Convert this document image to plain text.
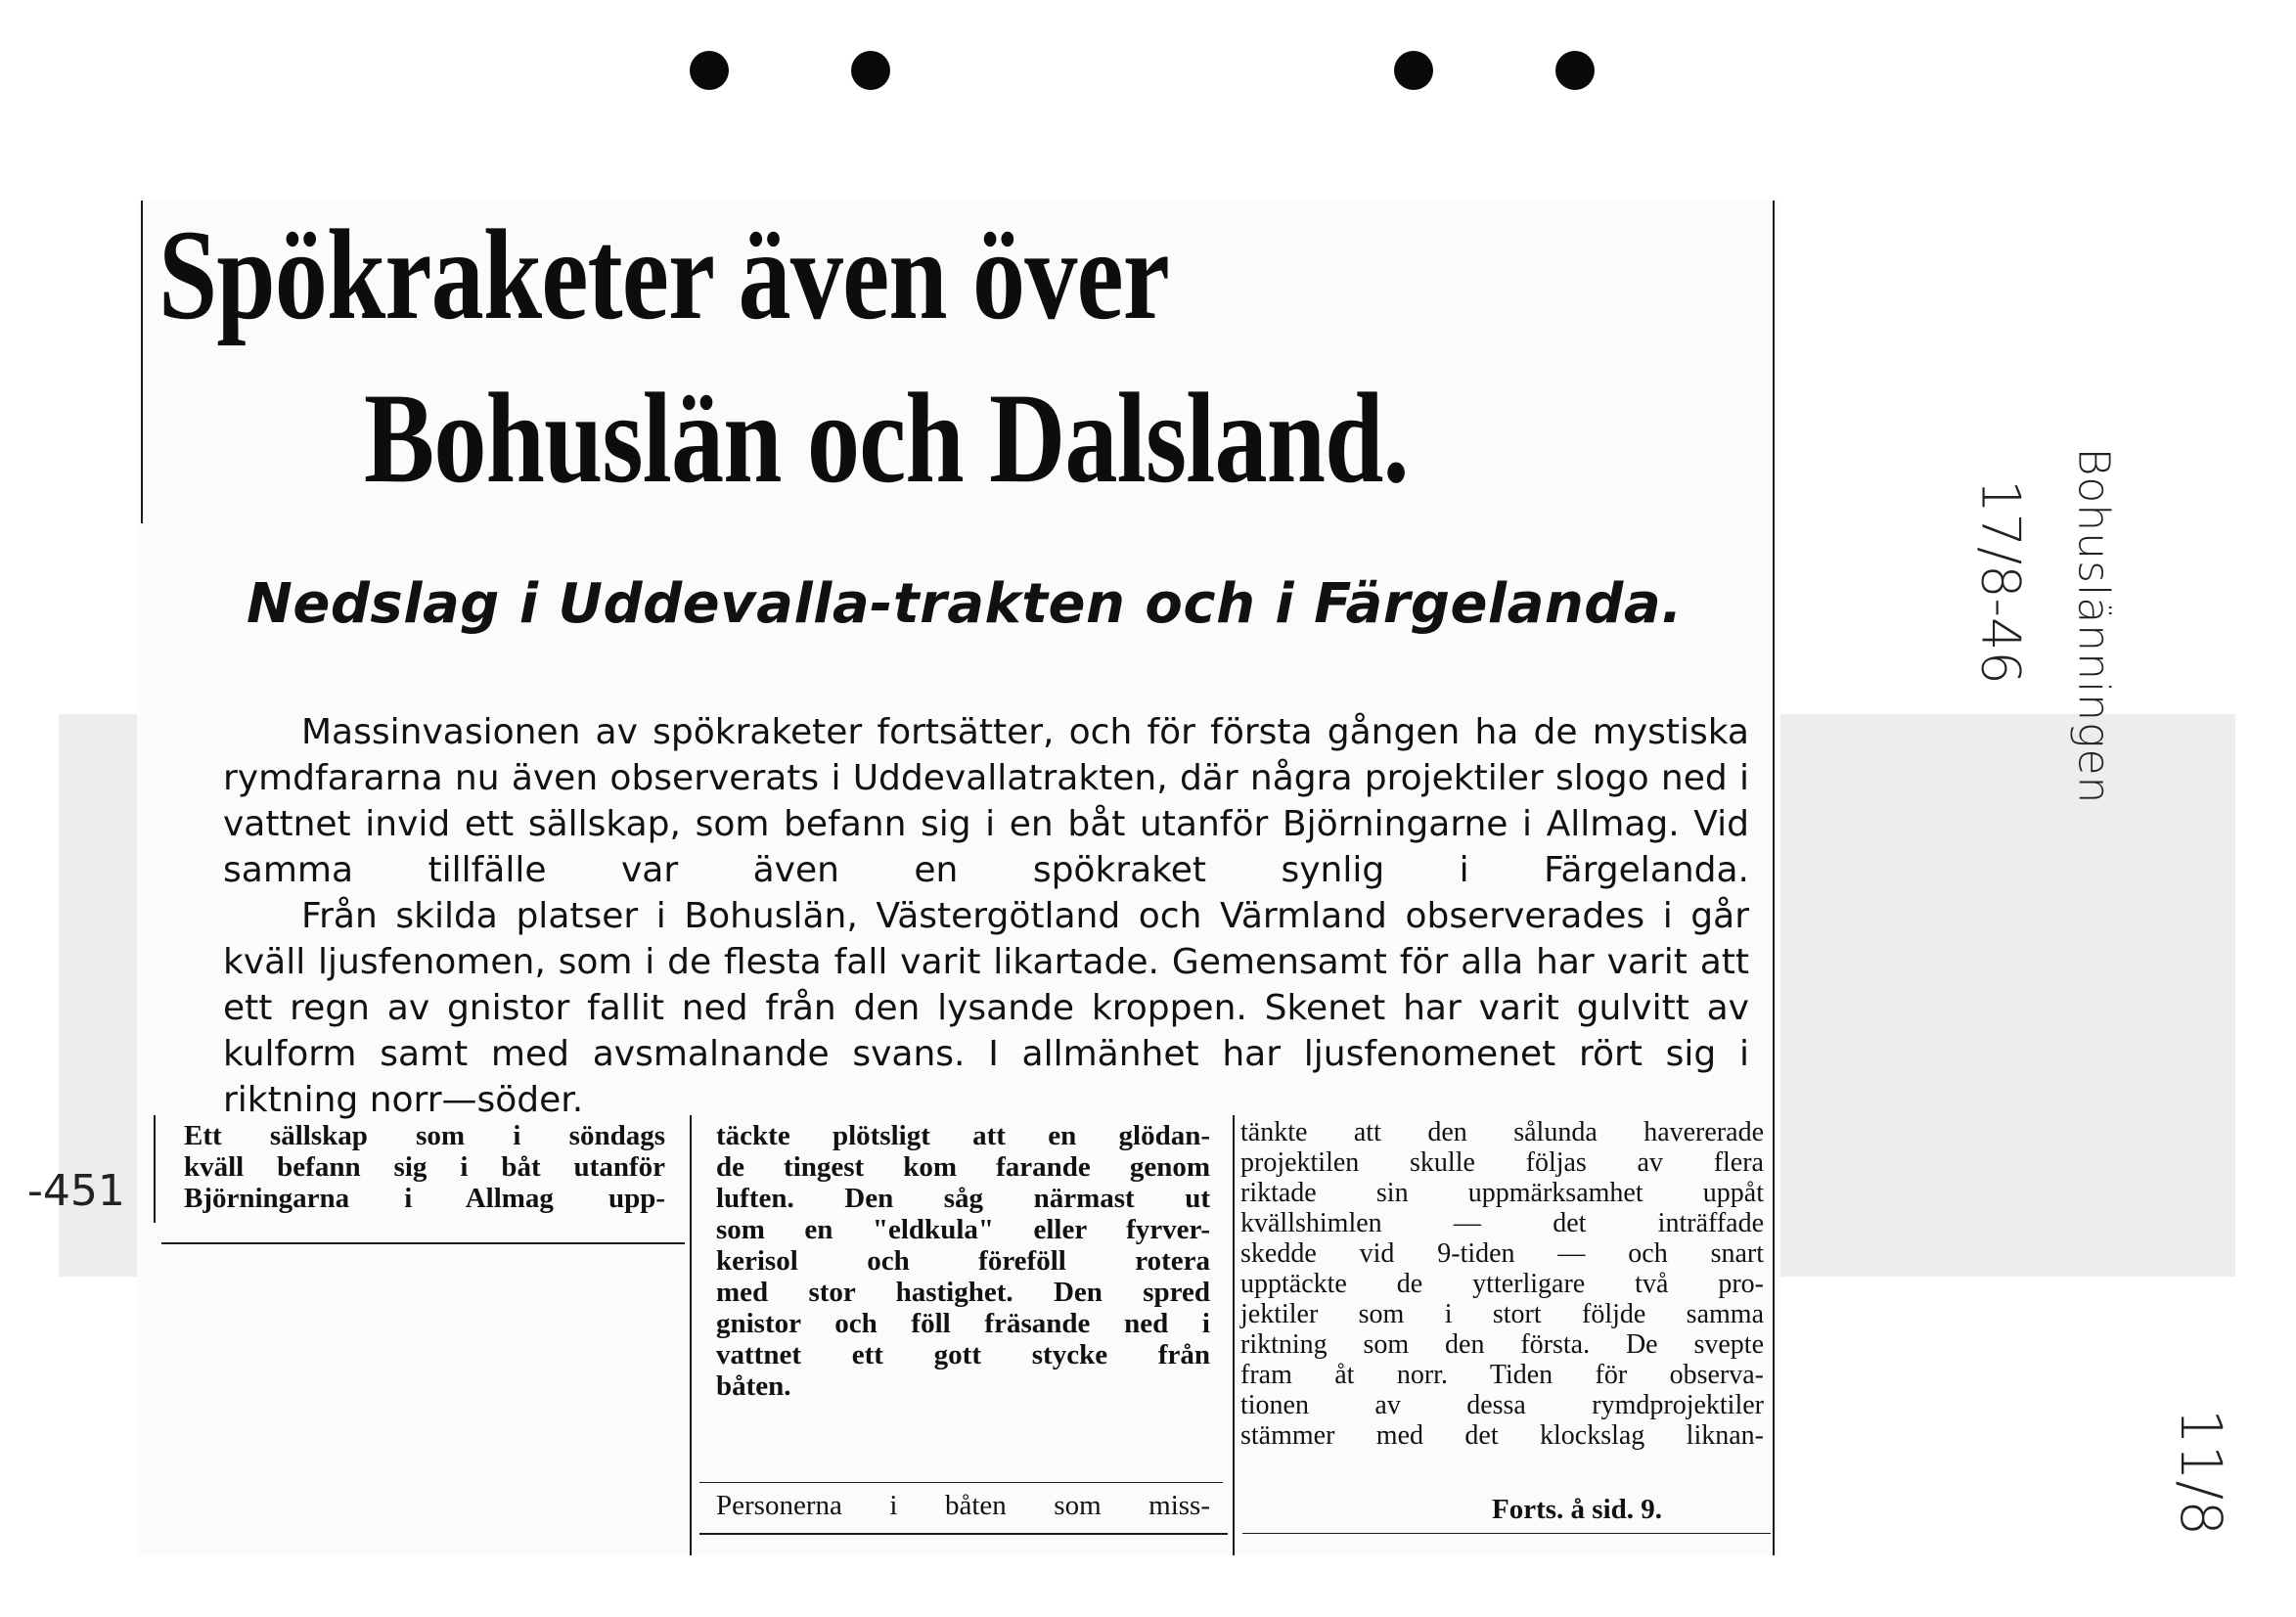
Spökraketer även över
Bohuslän och Dalsland.
Nedslag i Uddevalla-trakten och i Färgelanda.

Massinvasionen av spökraketer fortsätter, och för första gången ha de mystiska rymdfararna nu även observerats i Uddevallatrakten, där några projektiler slogo ned i vattnet invid ett sällskap, som befann sig i en båt utanför Björningarne i Allmag. Vid samma tillfälle var även en spökraket synlig i Färgelanda.

Från skilda platser i Bohuslän, Västergötland och Värmland observerades i går kväll ljusfenomen, som i de flesta fall varit likartade. Gemensamt för alla har varit att ett regn av gnistor fallit ned från den lysande kroppen. Skenet har varit gulvitt av kulform samt med avsmalnande svans. I allmänhet har ljusfenomenet rört sig i riktning norr—söder.

Ett sällskap som i söndags
kväll befann sig i båt utanför
Björningarna i Allmag upp-
täckte plötsligt att en glödan-
de tingest kom farande genom
luften. Den såg närmast ut
som en "eldkula" eller fyrver-
kerisol och föreföll rotera
med stor hastighet. Den spred
gnistor och föll fräsande ned i
vattnet ett gott stycke från
båten.
Personerna i båten som miss-
tänkte att den sålunda havererade
projektilen skulle följas av flera
riktade sin uppmärksamhet uppåt
kvällshimlen — det inträffade
skedde vid 9-tiden — och snart
upptäckte de ytterligare två pro-
jektiler som i stort följde samma
riktning som den första. De svepte
fram åt norr. Tiden för observa-
tionen av dessa rymdprojektiler
stämmer med det klockslag liknan-
Forts. å sid. 9.
Bohuslänningen
17/8-46
-451
11/8
